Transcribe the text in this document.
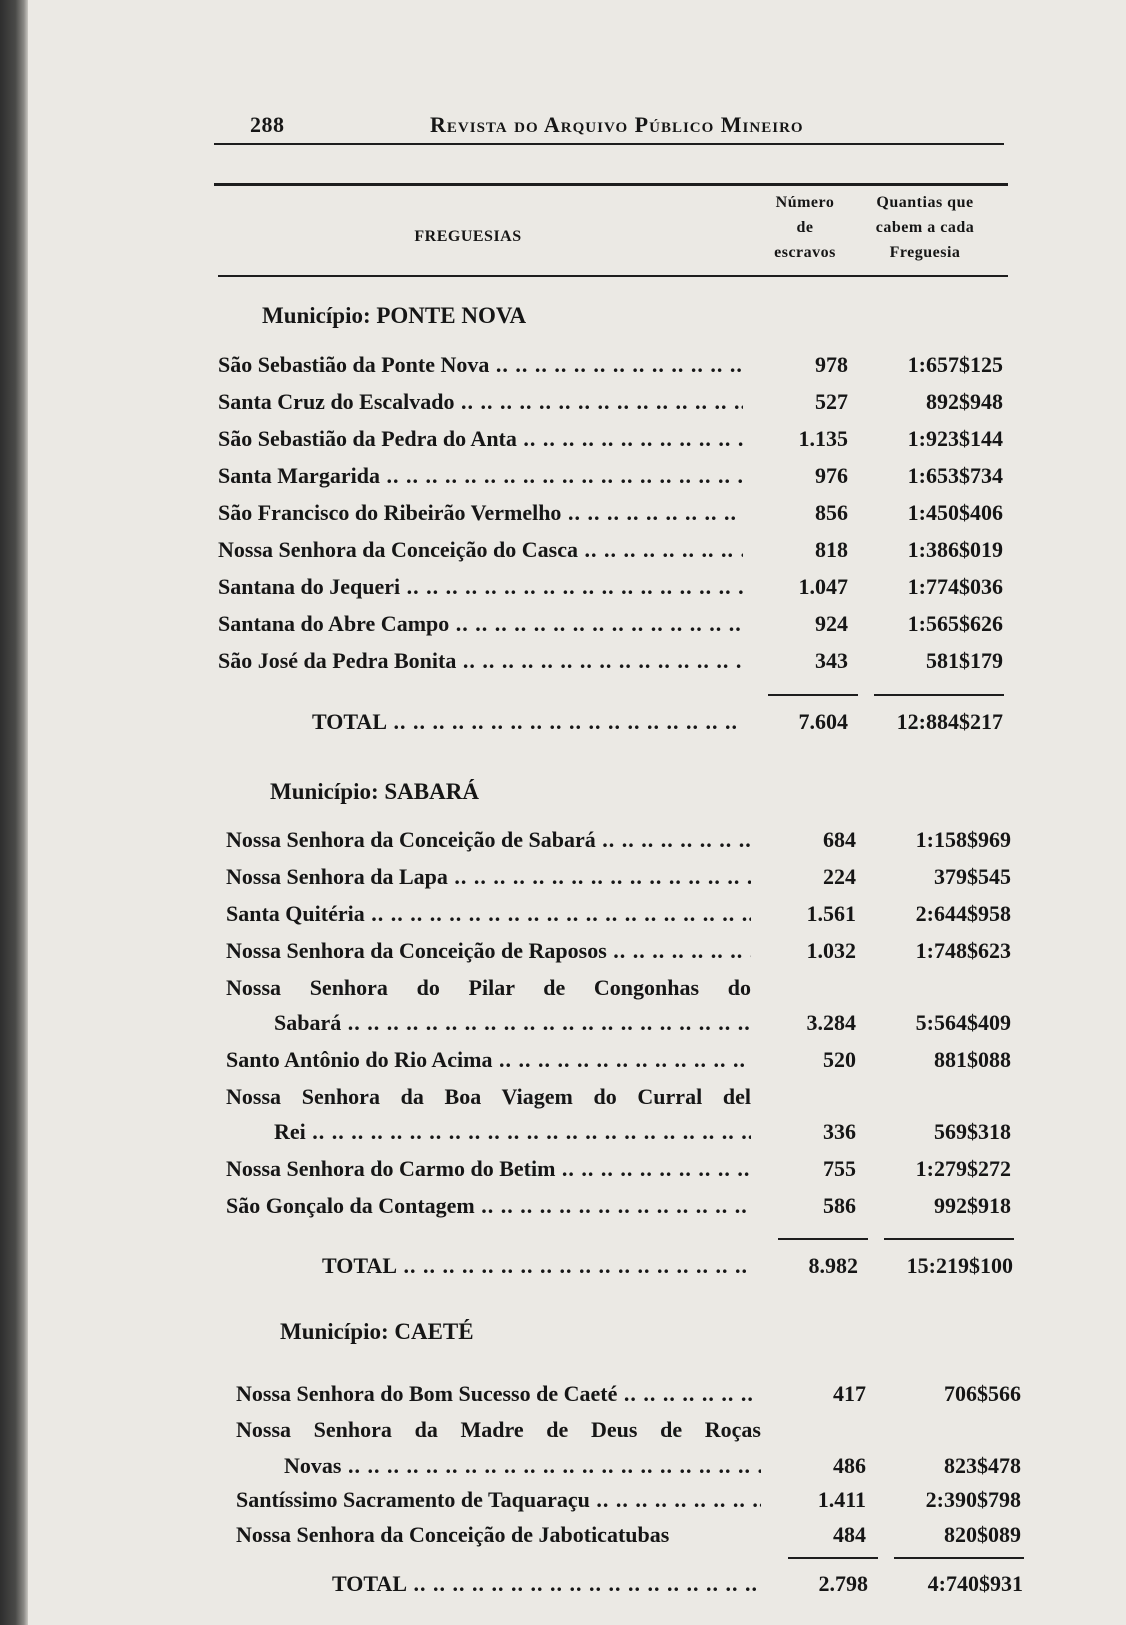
288	Revista do Arquivo Público Mineiro
FREGUESIAS
Número
de
escravos
Quantias que
cabem a cada
Freguesia
Município: PONTE NOVA
São Sebastião da Ponte Nova .. ..	978	1:657$125
Santa Cruz do Escalvado .. ..	527	892$948
São Sebastião da Pedra do Anta .. ..	1.135	1:923$144
Santa Margarida .. ..	976	1:653$734
São Francisco do Ribeirão Vermelho .. ..	856	1:450$406
Nossa Senhora da Conceição do Casca .. ..	818	1:386$019
Santana do Jequeri .. ..	1.047	1:774$036
Santana do Abre Campo .. ..	924	1:565$626
São José da Pedra Bonita .. ..	343	581$179
TOTAL .. ..	7.604	12:884$217
Município: SABARÁ
Nossa Senhora da Conceição de Sabará .. ..	684	1:158$969
Nossa Senhora da Lapa .. ..	224	379$545
Santa Quitéria .. ..	1.561	2:644$958
Nossa Senhora da Conceição de Raposos .. ..	1.032	1:748$623
Nossa Senhora do Pilar de Congonhas do
Sabará .. ..	3.284	5:564$409
Santo Antônio do Rio Acima .. ..	520	881$088
Nossa Senhora da Boa Viagem do Curral del
Rei .. ..	336	569$318
Nossa Senhora do Carmo do Betim .. ..	755	1:279$272
São Gonçalo da Contagem .. ..	586	992$918
TOTAL .. ..	8.982	15:219$100
Município: CAETÉ
Nossa Senhora do Bom Sucesso de Caeté .. ..	417	706$566
Nossa Senhora da Madre de Deus de Roças
Novas .. ..	486	823$478
Santíssimo Sacramento de Taquaraçu .. ..	1.411	2:390$798
Nossa Senhora da Conceição de Jaboticatubas	484	820$089
TOTAL .. ..	2.798	4:740$931
